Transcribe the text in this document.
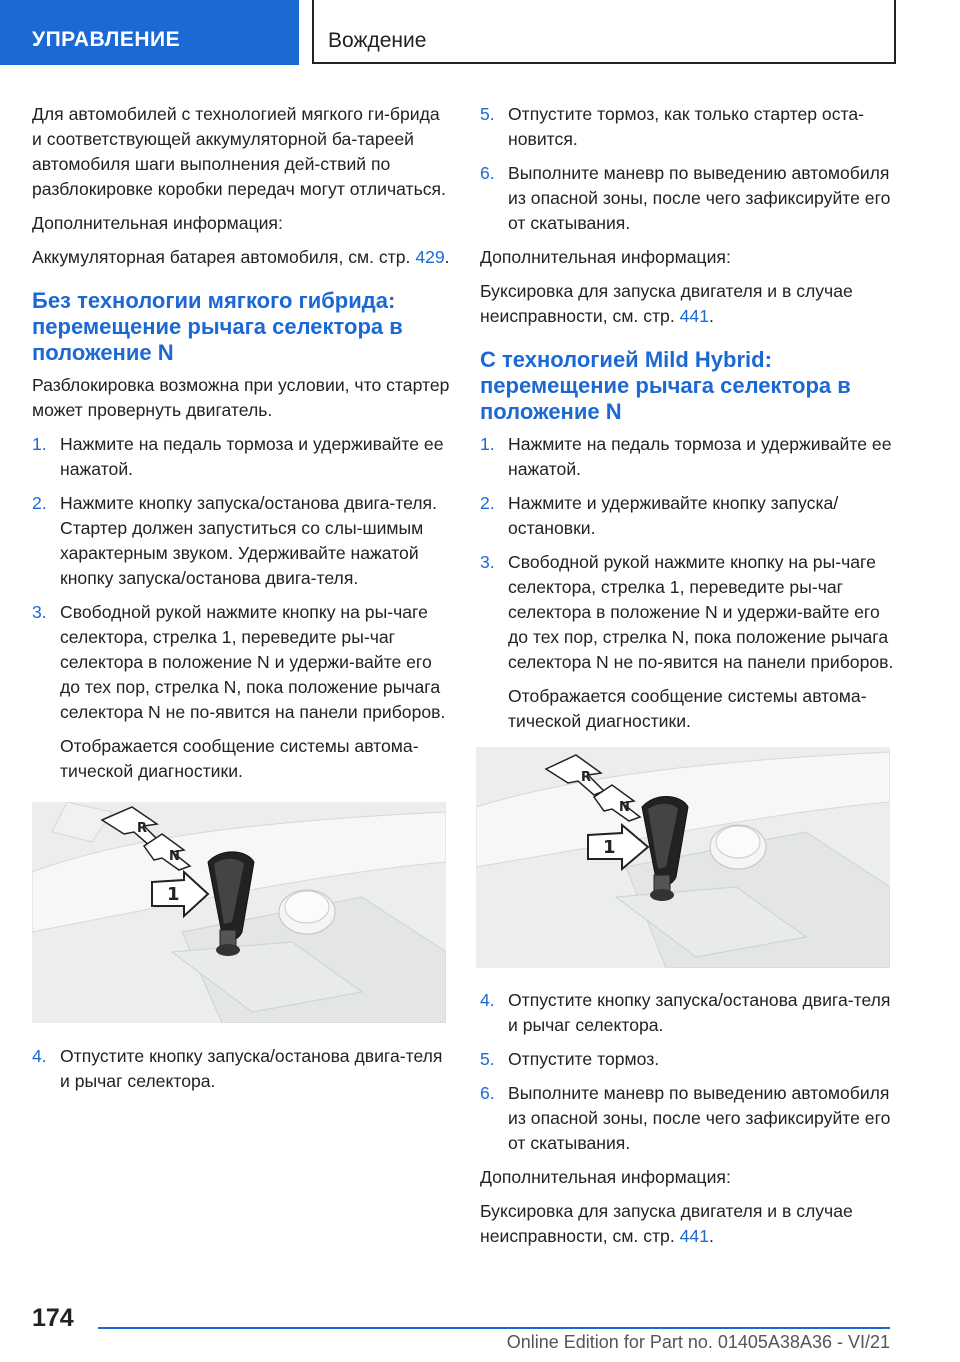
УПРАВЛЕНИЕ	Вождение

Для автомобилей с технологией мягкого ги-бридa и соответствующей аккумуляторной ба-тареей автомобиля шаги выполнения дей-ствий по разблокировке коробки передач могут отличаться.

Дополнительная информация:

Аккумуляторная батарея автомобиля, см. стр. 429.

Без технологии мягкого гибрида: перемещение рычага селектора в положение N

Разблокировка возможна при условии, что стартер может провернуть двигатель.

1. Нажмите на педаль тормоза и удерживайте ее нажатой.
2. Нажмите кнопку запуска/останова двига-теля. Стартер должен запуститься со слы-шимым характерным звуком. Удерживайте нажатой кнопку запуска/останова двига-теля.
3. Свободной рукой нажмите кнопку на ры-чаге селектора, стрелка 1, переведите ры-чаг селектора в положение N и удержи-вайте его до тех пор, стрелка N, пока положение рычага селектора N не по-явится на панели приборов.
Отображается сообщение системы автома-тической диагностики.
R
N
1
4. Отпустите кнопку запуска/останова двига-теля и рычаг селектора.
5. Отпустите тормоз, как только стартер оста-новится.
6. Выполните маневр по выведению автомобиля из опасной зоны, после чего зафиксируйте его от скатывания.

Дополнительная информация:

Буксировка для запуска двигателя и в случае неисправности, см. стр. 441.

С технологией Mild Hybrid: перемещение рычага селектора в положение N
1. Нажмите на педаль тормоза и удерживайте ее нажатой.
2. Нажмите и удерживайте кнопку запуска/ остановки.
3. Свободной рукой нажмите кнопку на ры-чаге селектора, стрелка 1, переведите ры-чаг селектора в положение N и удержи-вайте его до тех пор, стрелка N, пока положение рычага селектора N не по-явится на панели приборов.
Отображается сообщение системы автома-тической диагностики.
R
N
1
4. Отпустите кнопку запуска/останова двига-теля и рычаг селектора.
5. Отпустите тормоз.
6. Выполните маневр по выведению автомобиля из опасной зоны, после чего зафиксируйте его от скатывания.

Дополнительная информация:

Буксировка для запуска двигателя и в случае неисправности, см. стр. 441.

174
Online Edition for Part no. 01405A38A36 - VI/21
